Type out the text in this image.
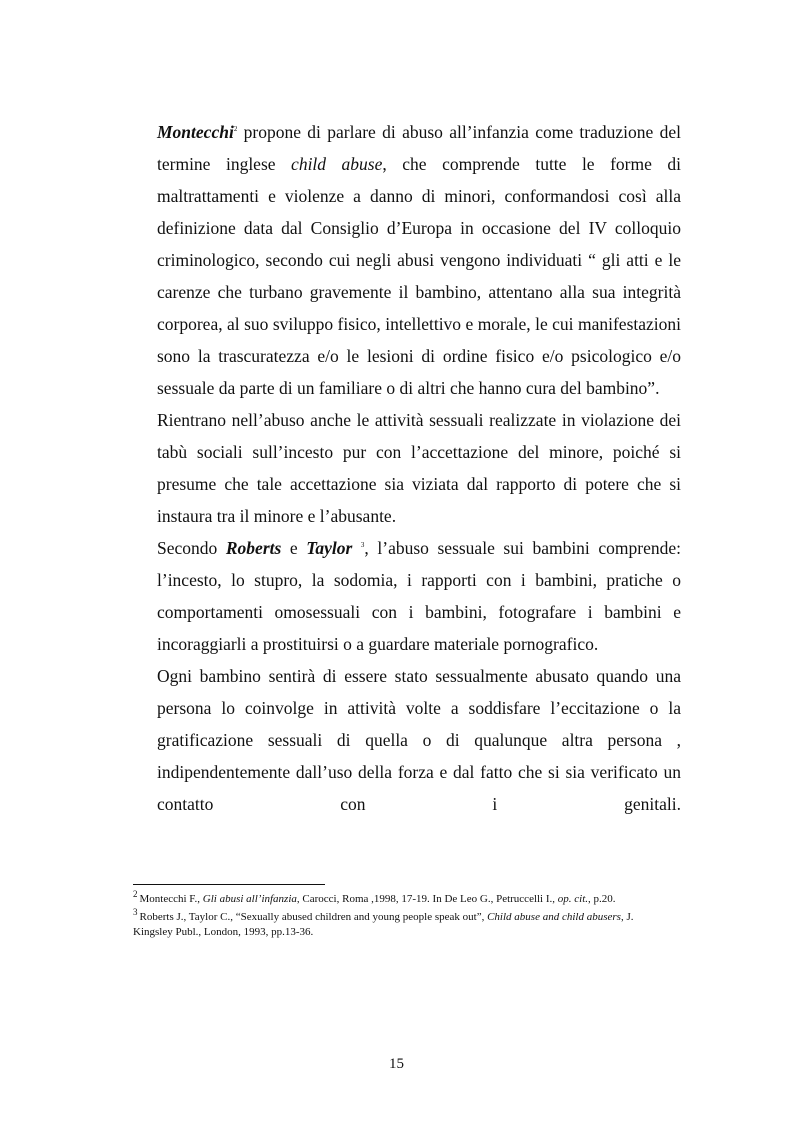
Montecchi$^2$ propone di parlare di abuso all’infanzia come traduzione del termine inglese child abuse, che comprende tutte le forme di maltrattamenti e violenze a danno di minori, conformandosi così alla definizione data dal Consiglio d’Europa in occasione del IV colloquio criminologico, secondo cui negli abusi vengono individuati “ gli atti e le carenze che turbano gravemente il bambino, attentano alla sua integrità corporea, al suo sviluppo fisico, intellettivo e morale, le cui manifestazioni sono la trascuratezza e/o le lesioni di ordine fisico e/o psicologico e/o sessuale da parte di un familiare o di altri che hanno cura del bambino”.

Rientrano nell’abuso anche le attività sessuali realizzate in violazione dei tabù sociali sull’incesto pur con l’accettazione del minore, poiché si presume che tale accettazione sia viziata dal rapporto di potere che si instaura tra il minore e l’abusante.

Secondo Roberts e Taylor $^3$, l’abuso sessuale sui bambini comprende: l’incesto, lo stupro, la sodomia, i rapporti con i bambini, pratiche o comportamenti omosessuali con i bambini, fotografare i bambini e incoraggiarli a prostituirsi o a guardare materiale pornografico.

Ogni bambino sentirà di essere stato sessualmente abusato quando una persona lo coinvolge in attività volte a soddisfare l’eccitazione o la gratificazione sessuali di quella o di qualunque altra persona , indipendentemente dall’uso della forza e dal fatto che si sia verificato un contatto con i genitali.

$^2$ Montecchi F., Gli abusi all’infanzia, Carocci, Roma ,1998, 17-19. In De Leo G., Petruccelli I., op. cit., p.20.

$^3$ Roberts J., Taylor C., “Sexually abused children and young people speak out”, Child abuse and child abusers, J. Kingsley Publ., London, 1993, pp.13-36.

15
